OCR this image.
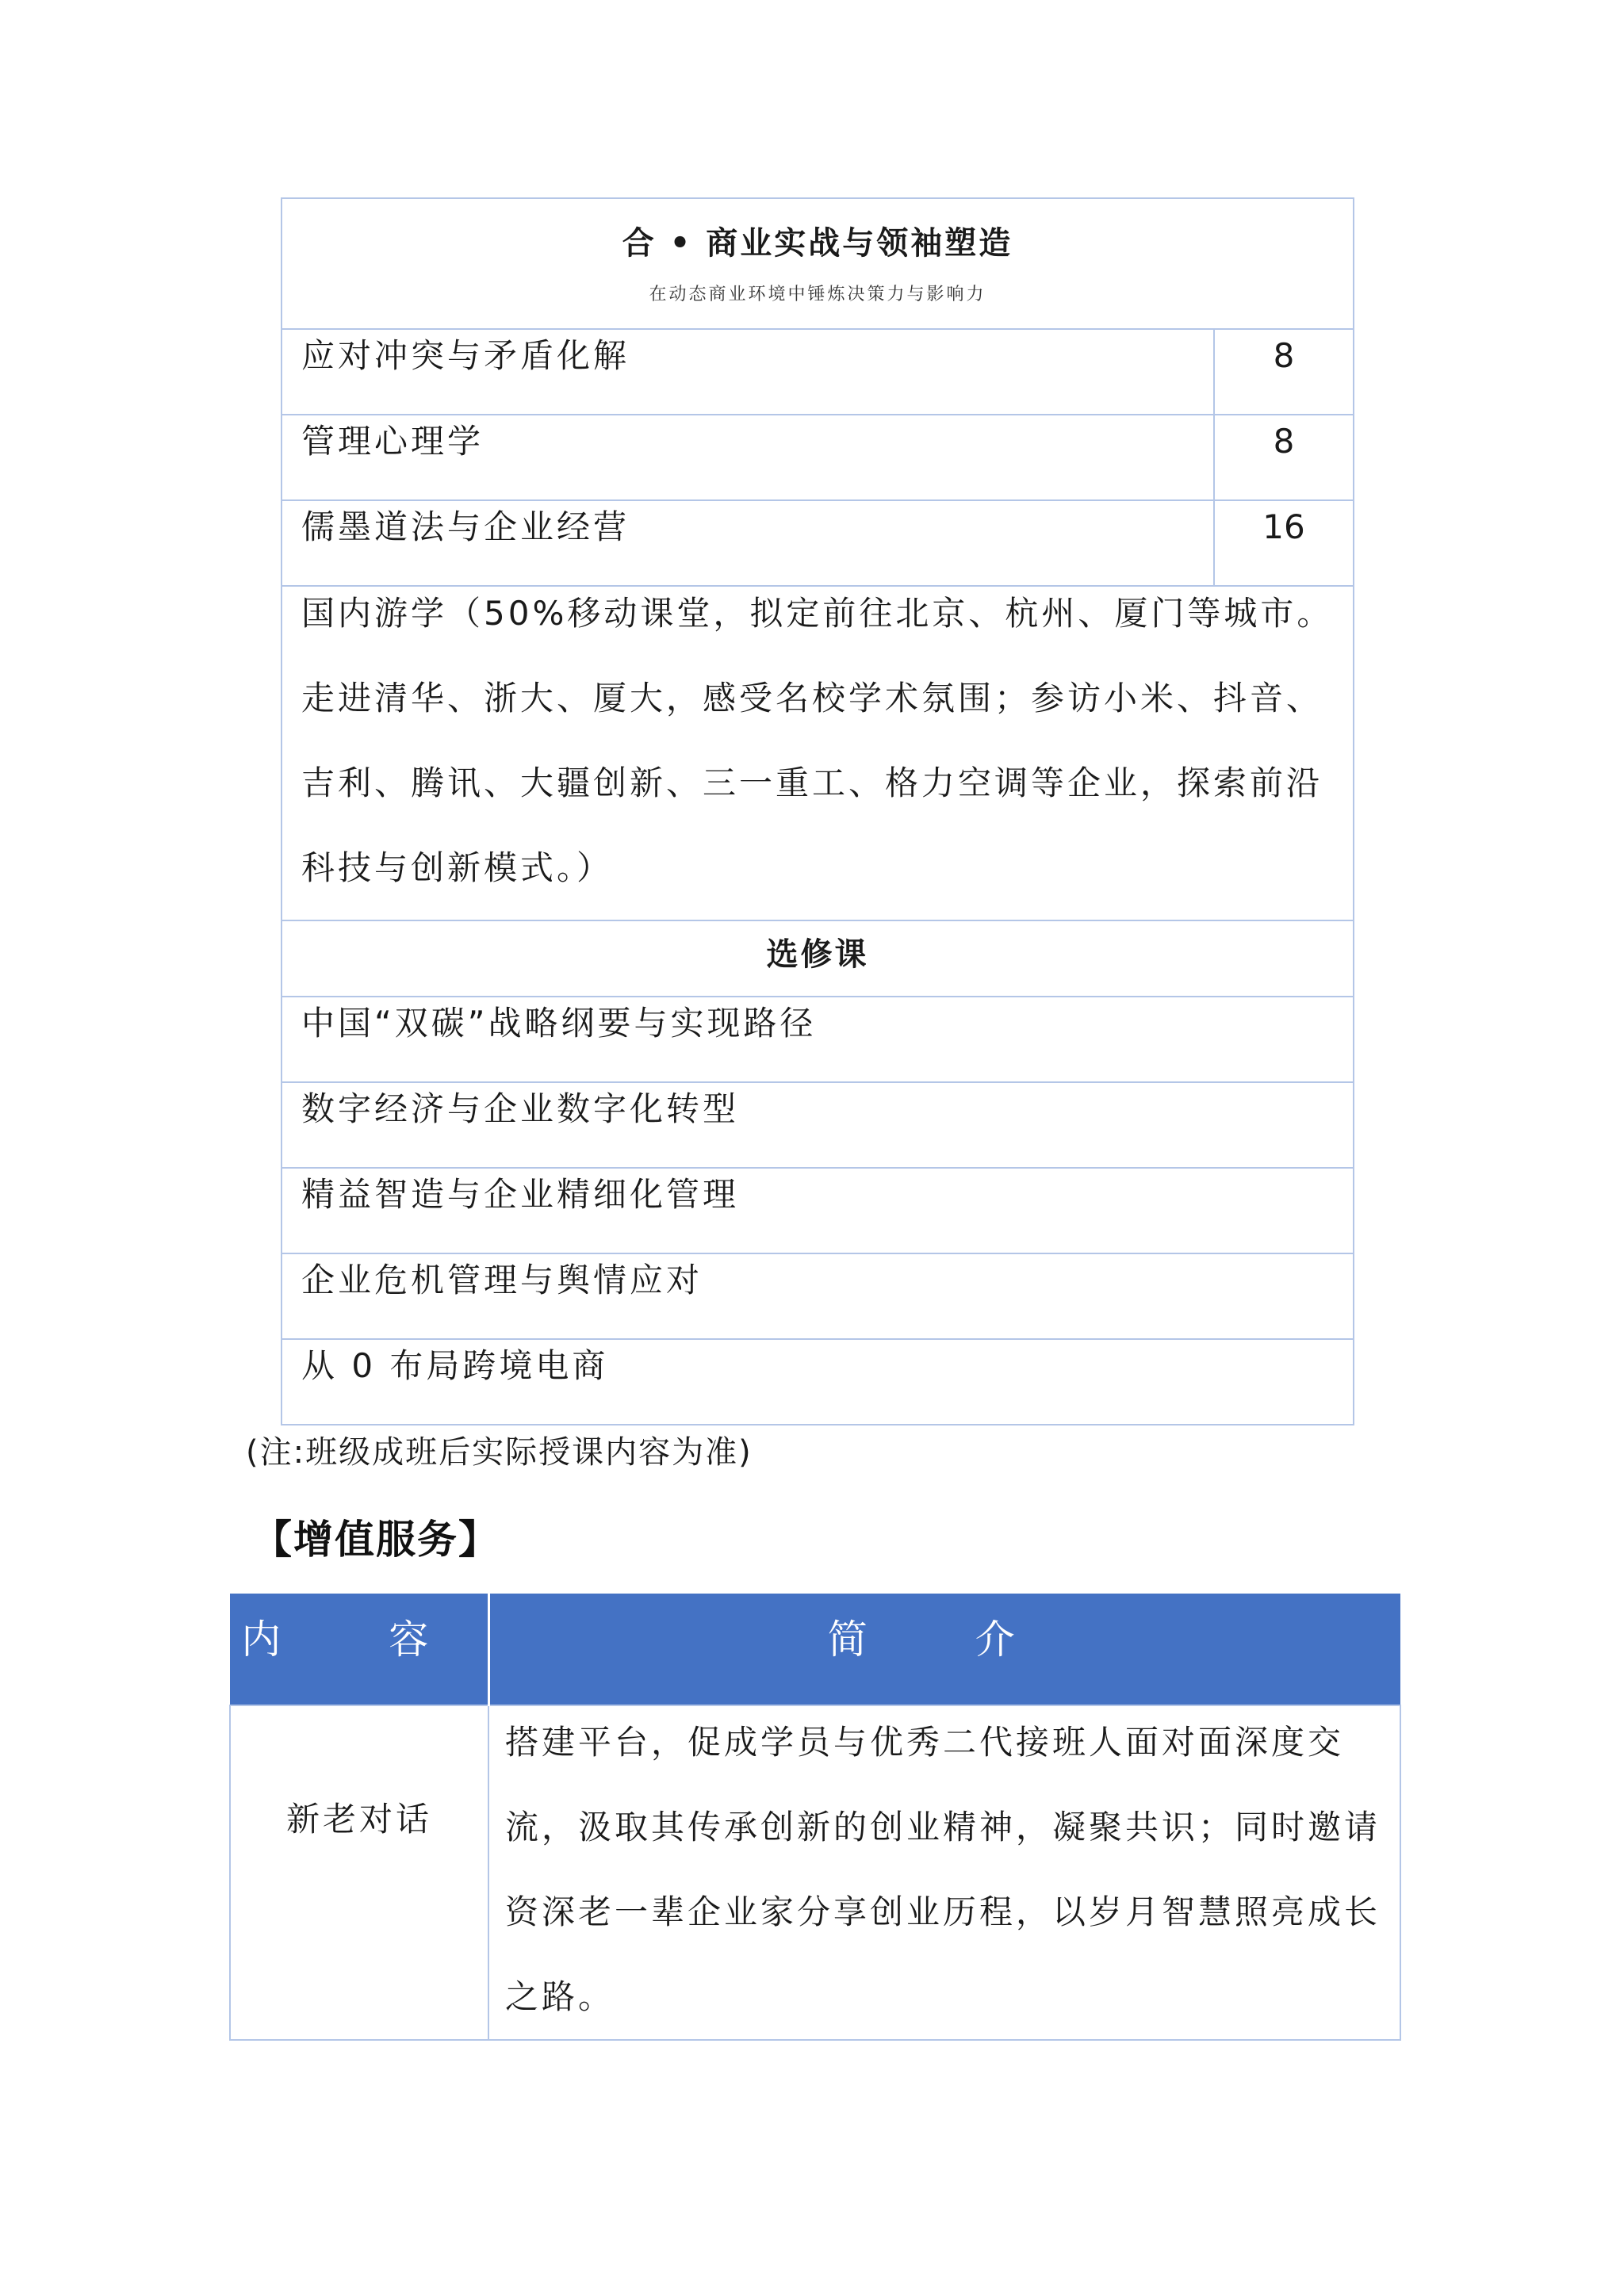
合 • 商业实战与领袖塑造
在动态商业环境中锤炼决策力与影响力	

应对冲突与矛盾化解	8

管理心理学	8

儒墨道法与企业经营	16

国内游学（50%移动课堂，拟定前往北京、杭州、厦门等城市。走进清华、浙大、厦大，感受名校学术氛围；参访小米、抖音、吉利、腾讯、大疆创新、三一重工、格力空调等企业，探索前沿科技与创新模式。）	

选修课	

中国“双碳”战略纲要与实现路径	

数字经济与企业数字化转型	

精益智造与企业精细化管理	

企业危机管理与舆情应对	

从 0 布局跨境电商	
(注:班级成班后实际授课内容为准)
【增值服务】
内 容	简 介

新老对话	搭建平台，促成学员与优秀二代接班人面对面深度交流，汲取其传承创新的创业精神，凝聚共识；同时邀请资深老一辈企业家分享创业历程，以岁月智慧照亮成长之路。
